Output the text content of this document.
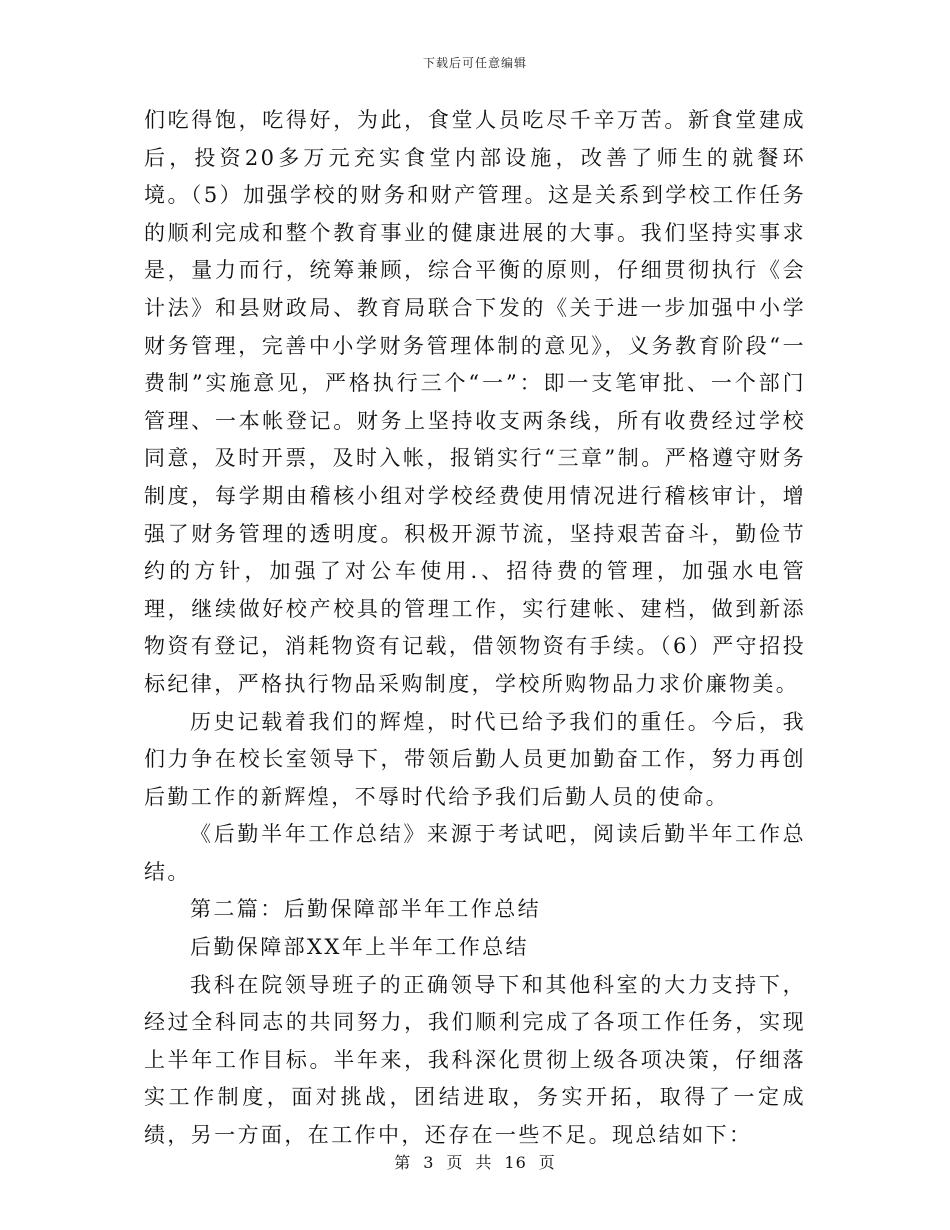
下载后可任意编辑

们吃得饱，吃得好，为此，食堂人员吃尽千辛万苦。新食堂建成后，投资20多万元充实食堂内部设施，改善了师生的就餐环境。（5）加强学校的财务和财产管理。这是关系到学校工作任务的顺利完成和整个教育事业的健康进展的大事。我们坚持实事求是，量力而行，统筹兼顾，综合平衡的原则，仔细贯彻执行《会计法》和县财政局、教育局联合下发的《关于进一步加强中小学财务管理，完善中小学财务管理体制的意见》，义务教育阶段“一费制”实施意见，严格执行三个“一”：即一支笔审批、一个部门管理、一本帐登记。财务上坚持收支两条线，所有收费经过学校同意，及时开票，及时入帐，报销实行“三章”制。严格遵守财务制度，每学期由稽核小组对学校经费使用情况进行稽核审计，增强了财务管理的透明度。积极开源节流，坚持艰苦奋斗，勤俭节约的方针，加强了对公车使用.、招待费的管理，加强水电管理，继续做好校产校具的管理工作，实行建帐、建档，做到新添物资有登记，消耗物资有记载，借领物资有手续。（6）严守招投标纪律，严格执行物品采购制度，学校所购物品力求价廉物美。

历史记载着我们的辉煌，时代已给予我们的重任。今后，我们力争在校长室领导下，带领后勤人员更加勤奋工作，努力再创后勤工作的新辉煌，不辱时代给予我们后勤人员的使命。

《后勤半年工作总结》来源于考试吧，阅读后勤半年工作总结。

第二篇：后勤保障部半年工作总结

后勤保障部XX年上半年工作总结

我科在院领导班子的正确领导下和其他科室的大力支持下，经过全科同志的共同努力，我们顺利完成了各项工作任务，实现上半年工作目标。半年来，我科深化贯彻上级各项决策，仔细落实工作制度，面对挑战，团结进取，务实开拓，取得了一定成绩，另一方面，在工作中，还存在一些不足。现总结如下：

第 3 页 共 16 页
